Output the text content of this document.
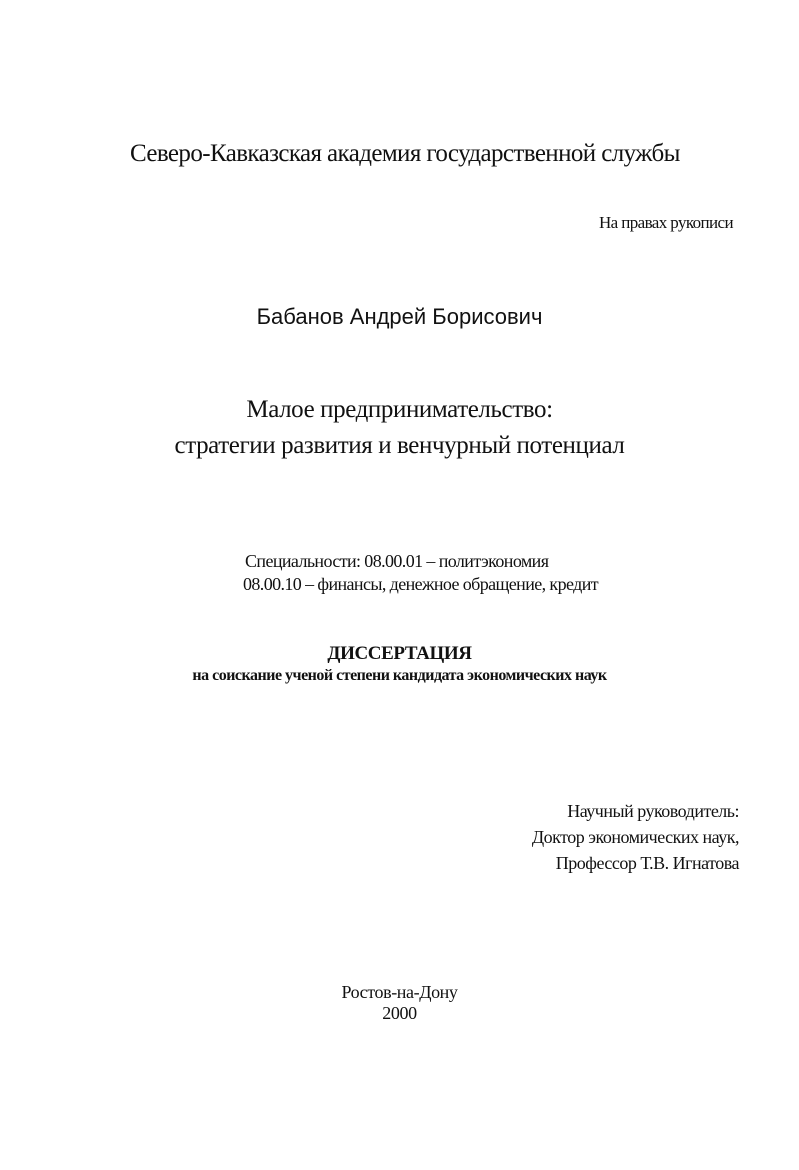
Северо-Кавказская академия государственной службы
На правах рукописи
Бабанов Андрей Борисович
Малое предпринимательство:
стратегии развития и венчурный потенциал
Специальности: 08.00.01 – политэкономия
08.00.10 – финансы, денежное обращение, кредит
ДИССЕРТАЦИЯ
на соискание ученой степени кандидата экономических наук
Научный руководитель:
Доктор экономических наук,
Профессор Т.В. Игнатова
Ростов-на-Дону
2000
